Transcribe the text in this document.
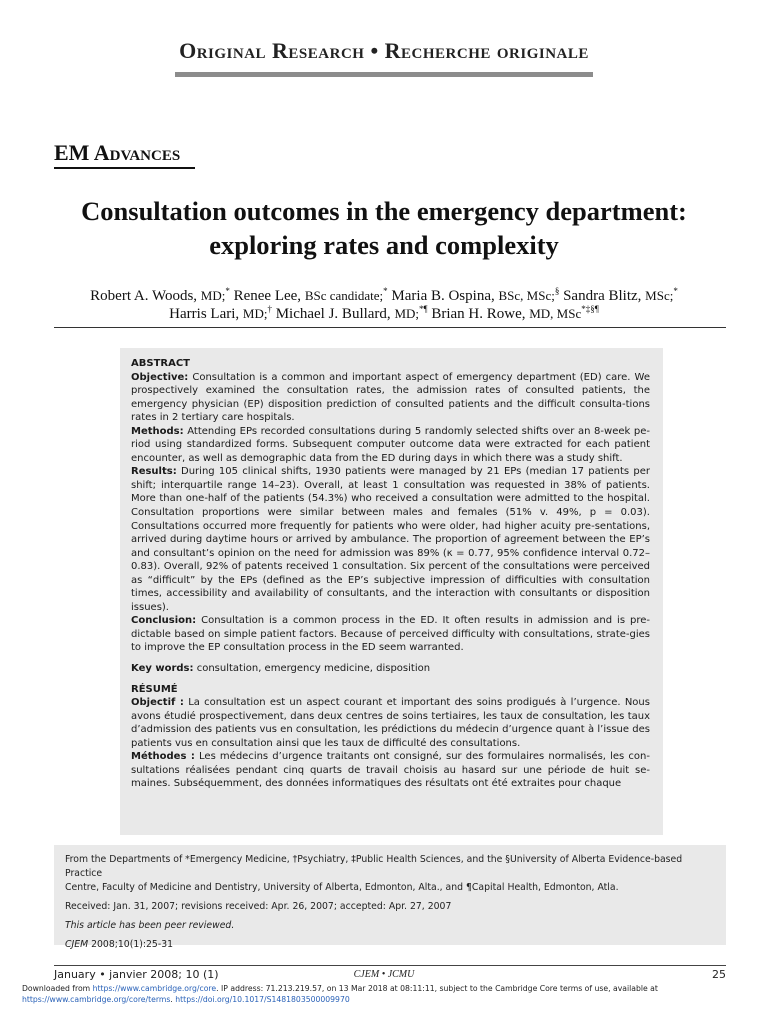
Original Research • Recherche originale
EM Advances
Consultation outcomes in the emergency department:
exploring rates and complexity
Robert A. Woods, MD;* Renee Lee, BSc candidate;* Maria B. Ospina, BSc, MSc;§ Sandra Blitz, MSc;*
Harris Lari, MD;† Michael J. Bullard, MD;*¶ Brian H. Rowe, MD, MSc*‡§¶

ABSTRACT

Objective: Consultation is a common and important aspect of emergency department (ED) care. We prospectively examined the consultation rates, the admission rates of consulted patients, the emergency physician (EP) disposition prediction of consulted patients and the difficult consulta-tions rates in 2 tertiary care hospitals.

Methods: Attending EPs recorded consultations during 5 randomly selected shifts over an 8-week pe-riod using standardized forms. Subsequent computer outcome data were extracted for each patient encounter, as well as demographic data from the ED during days in which there was a study shift.

Results: During 105 clinical shifts, 1930 patients were managed by 21 EPs (median 17 patients per shift; interquartile range 14–23). Overall, at least 1 consultation was requested in 38% of patients. More than one-half of the patients (54.3%) who received a consultation were admitted to the hospital. Consultation proportions were similar between males and females (51% v. 49%, p = 0.03). Consultations occurred more frequently for patients who were older, had higher acuity pre-sentations, arrived during daytime hours or arrived by ambulance. The proportion of agreement between the EP’s and consultant’s opinion on the need for admission was 89% (κ = 0.77, 95% confidence interval 0.72–0.83). Overall, 92% of patents received 1 consultation. Six percent of the consultations were perceived as “difficult” by the EPs (defined as the EP’s subjective impression of difficulties with consultation times, accessibility and availability of consultants, and the interaction with consultants or disposition issues).

Conclusion: Consultation is a common process in the ED. It often results in admission and is pre-dictable based on simple patient factors. Because of perceived difficulty with consultations, strate-gies to improve the EP consultation process in the ED seem warranted.

Key words: consultation, emergency medicine, disposition

RÉSUMÉ

Objectif : La consultation est un aspect courant et important des soins prodigués à l’urgence. Nous avons étudié prospectivement, dans deux centres de soins tertiaires, les taux de consultation, les taux d’admission des patients vus en consultation, les prédictions du médecin d’urgence quant à l’issue des patients vus en consultation ainsi que les taux de difficulté des consultations.

Méthodes : Les médecins d’urgence traitants ont consigné, sur des formulaires normalisés, les con-sultations réalisées pendant cinq quarts de travail choisis au hasard sur une période de huit se-maines. Subséquemment, des données informatiques des résultats ont été extraites pour chaque

From the Departments of *Emergency Medicine, †Psychiatry, ‡Public Health Sciences, and the §University of Alberta Evidence-based Practice

Centre, Faculty of Medicine and Dentistry, University of Alberta, Edmonton, Alta., and ¶Capital Health, Edmonton, Atla.

Received: Jan. 31, 2007; revisions received: Apr. 26, 2007; accepted: Apr. 27, 2007

This article has been peer reviewed.

CJEM 2008;10(1):25-31

January • janvier 2008; 10 (1)	CJEM • JCMU	25
Downloaded from https://www.cambridge.org/core. IP address: 71.213.219.57, on 13 Mar 2018 at 08:11:11, subject to the Cambridge Core terms of use, available at
https://www.cambridge.org/core/terms. https://doi.org/10.1017/S1481803500009970
